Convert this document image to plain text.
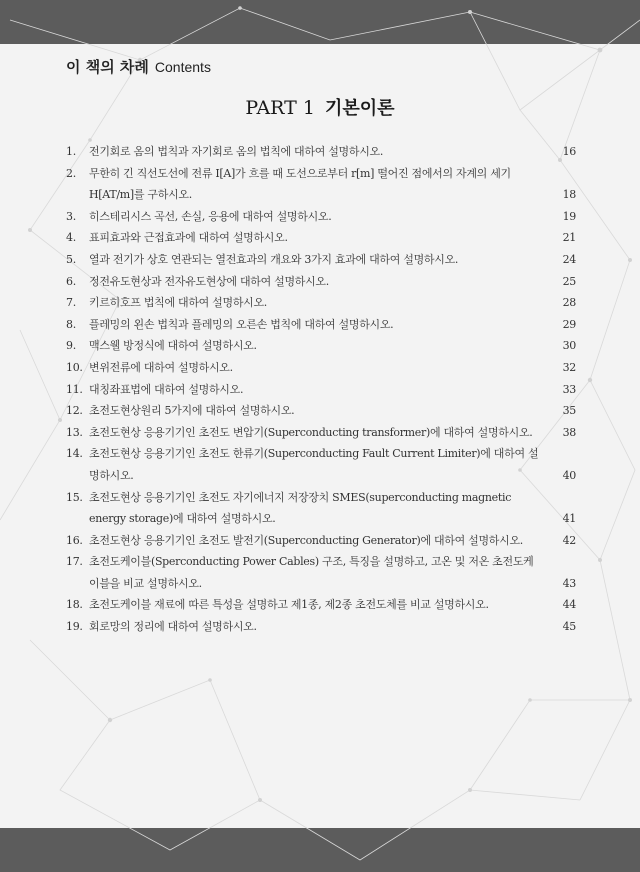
이 책의 차례 Contents
PART 1 기본이론
1. 전기회로 옴의 법칙과 자기회로 옴의 법칙에 대하여 설명하시오.	16
2. 무한히 긴 직선도선에 전류 I[A]가 흐를 때 도선으로부터 r[m] 떨어진 점에서의 자계의 세기 H[AT/m]를 구하시오.	18
3. 히스테리시스 곡선, 손실, 응용에 대하여 설명하시오.	19
4. 표피효과와 근접효과에 대하여 설명하시오.	21
5. 열과 전기가 상호 연관되는 열전효과의 개요와 3가지 효과에 대하여 설명하시오.	24
6. 정전유도현상과 전자유도현상에 대하여 설명하시오.	25
7. 키르히호프 법칙에 대하여 설명하시오.	28
8. 플레밍의 왼손 법칙과 플레밍의 오른손 법칙에 대하여 설명하시오.	29
9. 맥스웰 방정식에 대하여 설명하시오.	30
10. 변위전류에 대하여 설명하시오.	32
11. 대칭좌표법에 대하여 설명하시오.	33
12. 초전도현상원리 5가지에 대하여 설명하시오.	35
13. 초전도현상 응용기기인 초전도 변압기(Superconducting transformer)에 대하여 설명하시오.	38
14. 초전도현상 응용기기인 초전도 한류기(Superconducting Fault Current Limiter)에 대하여 설명하시오.	40
15. 초전도현상 응용기기인 초전도 자기에너지 저장장치 SMES(superconducting magnetic energy storage)에 대하여 설명하시오.	41
16. 초전도현상 응용기기인 초전도 발전기(Superconducting Generator)에 대하여 설명하시오.	42
17. 초전도케이블(Sperconducting Power Cables) 구조, 특징을 설명하고, 고온 및 저온 초전도케이블을 비교 설명하시오.	43
18. 초전도케이블 재료에 따른 특성을 설명하고 제1종, 제2종 초전도체를 비교 설명하시오.	44
19. 회로망의 정리에 대하여 설명하시오.	45
